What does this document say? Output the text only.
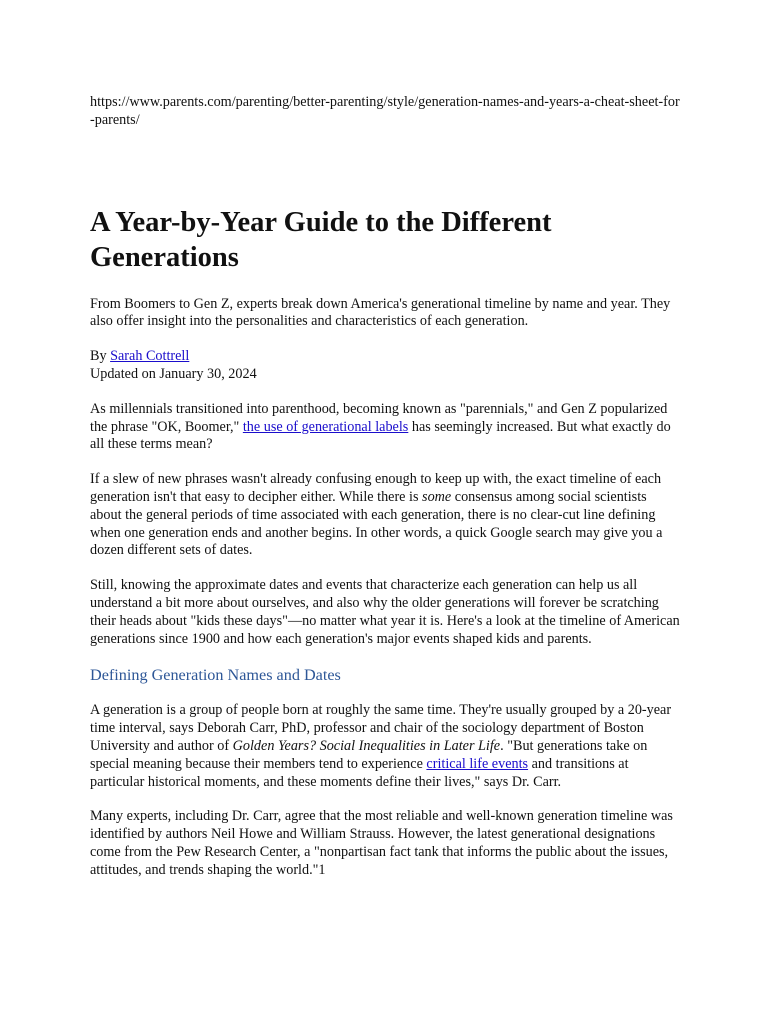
https://www.parents.com/parenting/better-parenting/style/generation-names-and-years-a-cheat-sheet-for-parents/

A Year-by-Year Guide to the Different Generations

From Boomers to Gen Z, experts break down America's generational timeline by name and year. They also offer insight into the personalities and characteristics of each generation.

By Sarah Cottrell
Updated on January 30, 2024

As millennials transitioned into parenthood, becoming known as "parennials," and Gen Z popularized the phrase "OK, Boomer," the use of generational labels has seemingly increased. But what exactly do all these terms mean?

If a slew of new phrases wasn't already confusing enough to keep up with, the exact timeline of each generation isn't that easy to decipher either. While there is some consensus among social scientists about the general periods of time associated with each generation, there is no clear-cut line defining when one generation ends and another begins. In other words, a quick Google search may give you a dozen different sets of dates.

Still, knowing the approximate dates and events that characterize each generation can help us all understand a bit more about ourselves, and also why the older generations will forever be scratching their heads about "kids these days"—no matter what year it is. Here's a look at the timeline of American generations since 1900 and how each generation's major events shaped kids and parents.

Defining Generation Names and Dates

A generation is a group of people born at roughly the same time. They're usually grouped by a 20-year time interval, says Deborah Carr, PhD, professor and chair of the sociology department of Boston University and author of Golden Years? Social Inequalities in Later Life. "But generations take on special meaning because their members tend to experience critical life events and transitions at particular historical moments, and these moments define their lives," says Dr. Carr.

Many experts, including Dr. Carr, agree that the most reliable and well-known generation timeline was identified by authors Neil Howe and William Strauss. However, the latest generational designations come from the Pew Research Center, a "nonpartisan fact tank that informs the public about the issues, attitudes, and trends shaping the world."1
